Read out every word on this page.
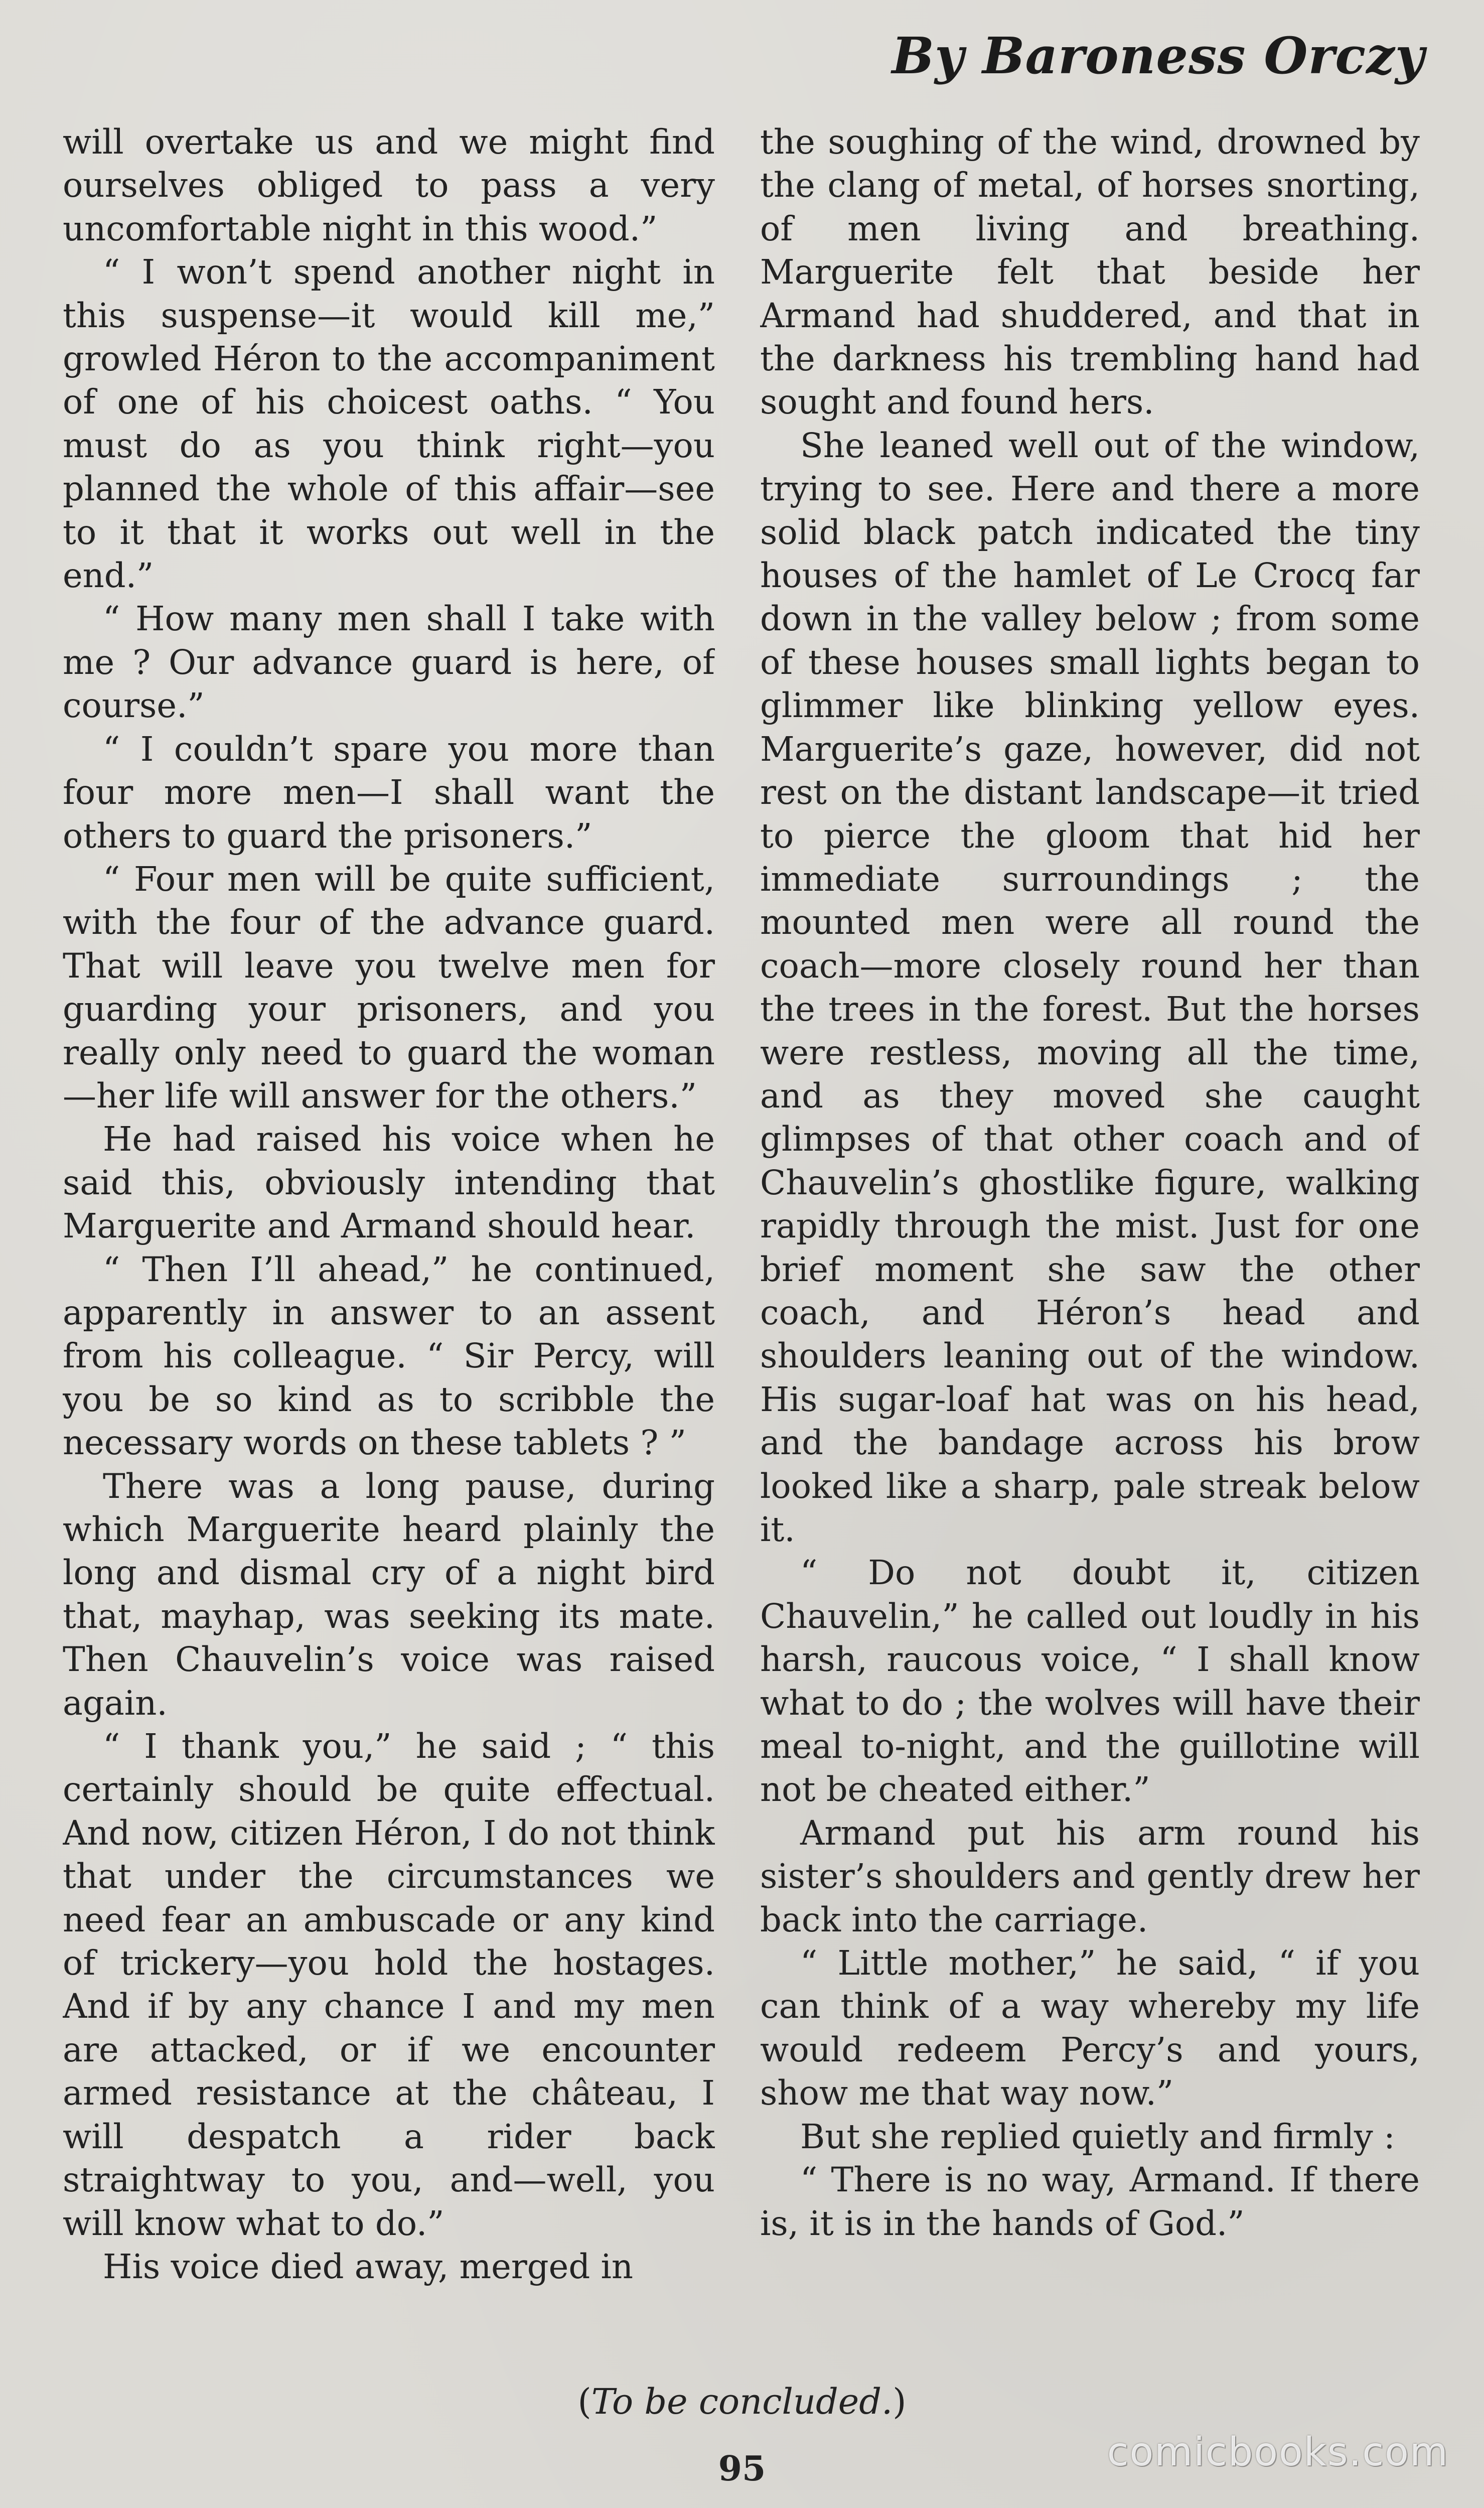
By Baroness Orczy

will overtake us and we might find ourselves obliged to pass a very uncomfortable night in this wood.”

“ I won’t spend another night in this suspense—it would kill me,” growled Héron to the accompaniment of one of his choicest oaths. “ You must do as you think right—you planned the whole of this affair—see to it that it works out well in the end.”

“ How many men shall I take with me ? Our advance guard is here, of course.”

“ I couldn’t spare you more than four more men—I shall want the others to guard the prisoners.”

“ Four men will be quite sufficient, with the four of the advance guard. That will leave you twelve men for guarding your prisoners, and you really only need to guard the woman—her life will answer for the others.”

He had raised his voice when he said this, obviously intending that Marguerite and Armand should hear.

“ Then I’ll ahead,” he continued, apparently in answer to an assent from his colleague. “ Sir Percy, will you be so kind as to scribble the necessary words on these tablets ? ”

There was a long pause, during which Marguerite heard plainly the long and dismal cry of a night bird that, mayhap, was seeking its mate. Then Chauvelin’s voice was raised again.

“ I thank you,” he said ; “ this certainly should be quite effectual. And now, citizen Héron, I do not think that under the circumstances we need fear an ambuscade or any kind of trickery—you hold the hostages. And if by any chance I and my men are attacked, or if we encounter armed resistance at the château, I will despatch a rider back straightway to you, and—well, you will know what to do.”

His voice died away, merged in

the soughing of the wind, drowned by the clang of metal, of horses snorting, of men living and breathing. Marguerite felt that beside her Armand had shuddered, and that in the darkness his trembling hand had sought and found hers.

She leaned well out of the window, trying to see. Here and there a more solid black patch indicated the tiny houses of the hamlet of Le Crocq far down in the valley below ; from some of these houses small lights began to glimmer like blinking yellow eyes. Marguerite’s gaze, however, did not rest on the distant landscape—it tried to pierce the gloom that hid her immediate surroundings ; the mounted men were all round the coach—more closely round her than the trees in the forest. But the horses were restless, moving all the time, and as they moved she caught glimpses of that other coach and of Chauvelin’s ghostlike figure, walking rapidly through the mist. Just for one brief moment she saw the other coach, and Héron’s head and shoulders leaning out of the window. His sugar-loaf hat was on his head, and the bandage across his brow looked like a sharp, pale streak below it.

“ Do not doubt it, citizen Chauvelin,” he called out loudly in his harsh, raucous voice, “ I shall know what to do ; the wolves will have their meal to-night, and the guillotine will not be cheated either.”

Armand put his arm round his sister’s shoulders and gently drew her back into the carriage.

“ Little mother,” he said, “ if you can think of a way whereby my life would redeem Percy’s and yours, show me that way now.”

But she replied quietly and firmly :

“ There is no way, Armand. If there is, it is in the hands of God.”

(To be concluded.)
95	comicbooks.com
